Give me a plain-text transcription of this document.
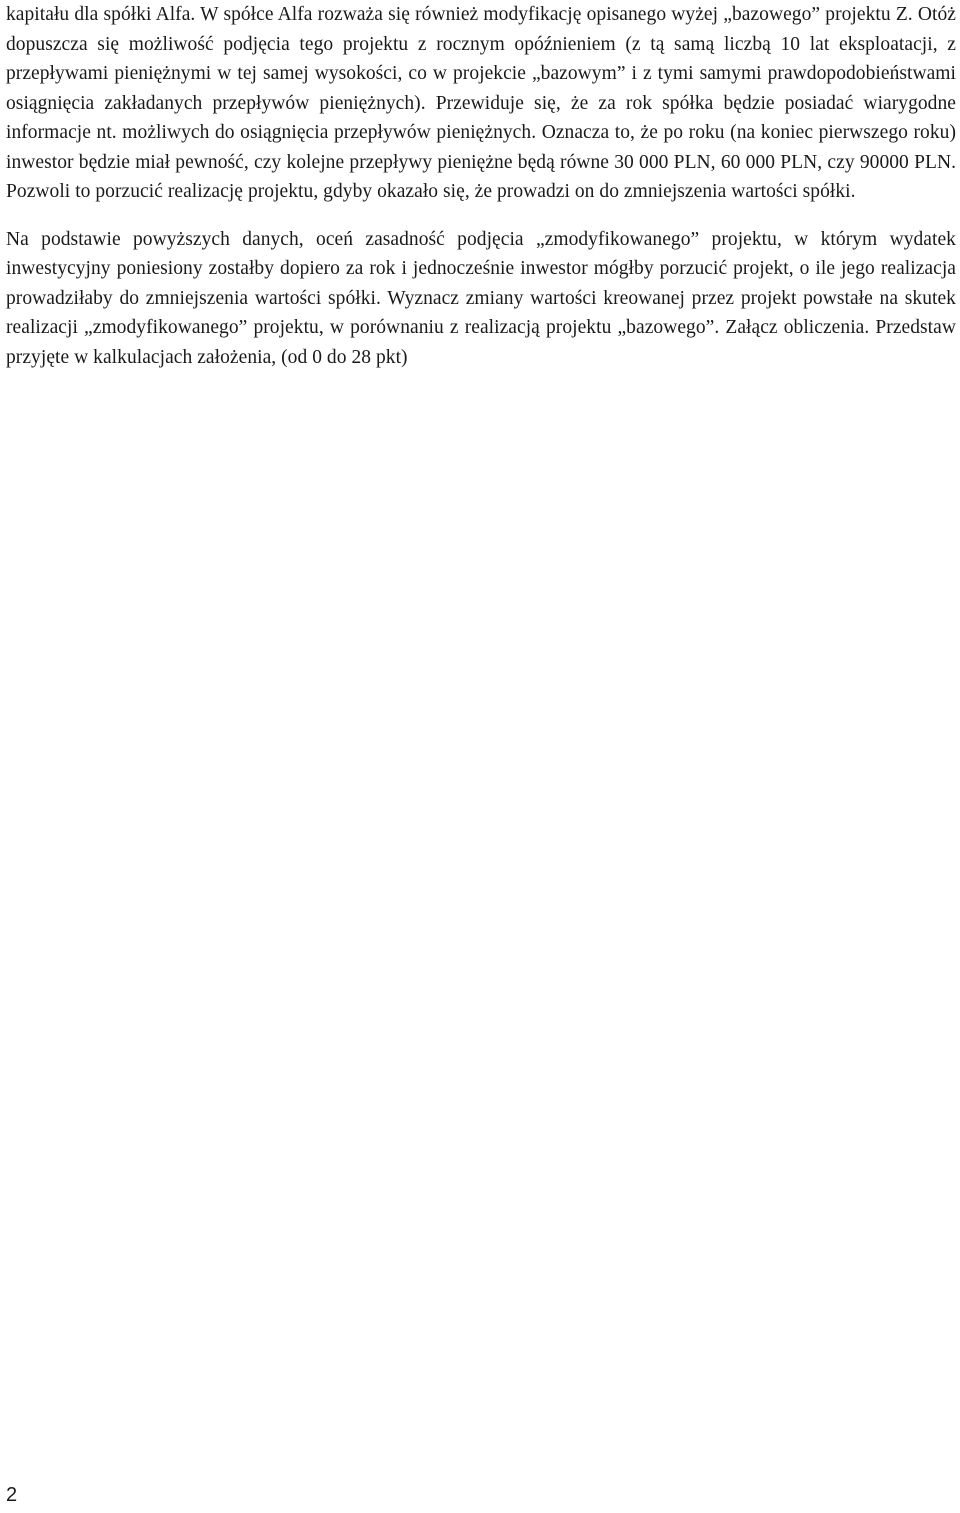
kapitału dla spółki Alfa. W spółce Alfa rozważa się również modyfikację opisanego wyżej „bazowego” projektu Z. Otóż dopuszcza się możliwość podjęcia tego projektu z rocznym opóźnieniem (z tą samą liczbą 10 lat eksploatacji, z przepływami pieniężnymi w tej samej wysokości, co w projekcie „bazowym” i z tymi samymi prawdopodobieństwami osiągnięcia zakładanych przepływów pieniężnych). Przewiduje się, że za rok spółka będzie posiadać wiarygodne informacje nt. możliwych do osiągnięcia przepływów pieniężnych. Oznacza to, że po roku (na koniec pierwszego roku) inwestor będzie miał pewność, czy kolejne przepływy pieniężne będą równe 30 000 PLN, 60 000 PLN, czy 90000 PLN. Pozwoli to porzucić realizację projektu, gdyby okazało się, że prowadzi on do zmniejszenia wartości spółki.

Na podstawie powyższych danych, oceń zasadność podjęcia „zmodyfikowanego” projektu, w którym wydatek inwestycyjny poniesiony zostałby dopiero za rok i jednocześnie inwestor mógłby porzucić projekt, o ile jego realizacja prowadziłaby do zmniejszenia wartości spółki. Wyznacz zmiany wartości kreowanej przez projekt powstałe na skutek realizacji „zmodyfikowanego” projektu, w porównaniu z realizacją projektu „bazowego”. Załącz obliczenia. Przedstaw przyjęte w kalkulacjach założenia, (od 0 do 28 pkt)

2
